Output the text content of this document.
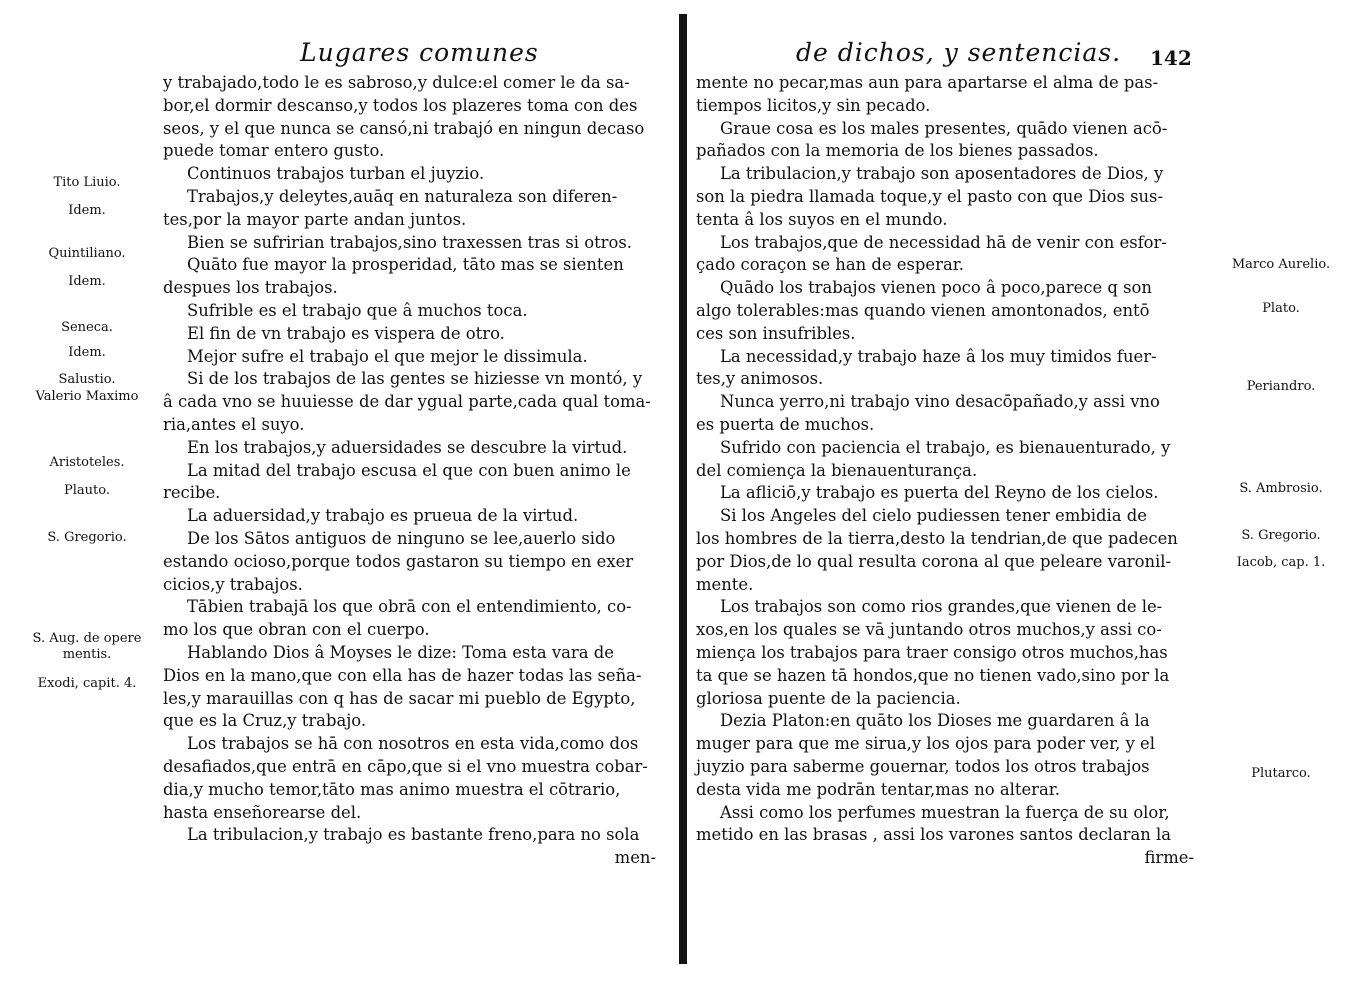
Lugares comunes
y trabajado,todo le es sabroso,y dulce:el comer le da sa-
bor,el dormir descanso,y todos los plazeres toma con des
seos, y el que nunca se cansó,ni trabajó en ningun decaso
puede tomar entero gusto.
Continuos trabajos turban el juyzio.
Trabajos,y deleytes,auāq en naturaleza son diferen-
tes,por la mayor parte andan juntos.
Bien se sufririan trabajos,sino traxessen tras si otros.
Quāto fue mayor la prosperidad, tāto mas se sienten
despues los trabajos.
Sufrible es el trabajo que â muchos toca.
El fin de vn trabajo es vispera de otro.
Mejor sufre el trabajo el que mejor le dissimula.
Si de los trabajos de las gentes se hiziesse vn montó, y
â cada vno se huuiesse de dar ygual parte,cada qual toma-
ria,antes el suyo.
En los trabajos,y aduersidades se descubre la virtud.
La mitad del trabajo escusa el que con buen animo le
recibe.
La aduersidad,y trabajo es prueua de la virtud.
De los Sātos antiguos de ninguno se lee,auerlo sido
estando ocioso,porque todos gastaron su tiempo en exer
cicios,y trabajos.
Tābien trabajā los que obrā con el entendimiento, co-
mo los que obran con el cuerpo.
Hablando Dios â Moyses le dize: Toma esta vara de
Dios en la mano,que con ella has de hazer todas las seña-
les,y marauillas con q has de sacar mi pueblo de Egypto,
que es la Cruz,y trabajo.
Los trabajos se hā con nosotros en esta vida,como dos
desafiados,que entrā en cāpo,que si el vno muestra cobar-
dia,y mucho temor,tāto mas animo muestra el cōtrario,
hasta enseñorearse del.
La tribulacion,y trabajo es bastante freno,para no sola
men-
Tito Liuio.
Idem.
Quintiliano.
Idem.
Seneca.
Idem.
Salustio.
Valerio Maximo
Aristoteles.
Plauto.
S. Gregorio.
S. Aug. de opere
mentis.
Exodi, capit. 4.
de dichos, y sentencias. 142
mente no pecar,mas aun para apartarse el alma de pas-
tiempos licitos,y sin pecado.
Graue cosa es los males presentes, quādo vienen acō-
pañados con la memoria de los bienes passados.
La tribulacion,y trabajo son aposentadores de Dios, y
son la piedra llamada toque,y el pasto con que Dios sus-
tenta â los suyos en el mundo.
Los trabajos,que de necessidad hā de venir con esfor-
çado coraçon se han de esperar.
Quādo los trabajos vienen poco â poco,parece q son
algo tolerables:mas quando vienen amontonados, entō
ces son insufribles.
La necessidad,y trabajo haze â los muy timidos fuer-
tes,y animosos.
Nunca yerro,ni trabajo vino desacōpañado,y assi vno
es puerta de muchos.
Sufrido con paciencia el trabajo, es bienauenturado, y
del comiença la bienauenturança.
La afliciō,y trabajo es puerta del Reyno de los cielos.
Si los Angeles del cielo pudiessen tener embidia de
los hombres de la tierra,desto la tendrian,de que padecen
por Dios,de lo qual resulta corona al que peleare varonil-
mente.
Los trabajos son como rios grandes,que vienen de le-
xos,en los quales se vā juntando otros muchos,y assi co-
miença los trabajos para traer consigo otros muchos,has
ta que se hazen tā hondos,que no tienen vado,sino por la
gloriosa puente de la paciencia.
Dezia Platon:en quāto los Dioses me guardaren â la
muger para que me sirua,y los ojos para poder ver, y el
juyzio para saberme gouernar, todos los otros trabajos
desta vida me podrān tentar,mas no alterar.
Assi como los perfumes muestran la fuerça de su olor,
metido en las brasas , assi los varones santos declaran la
firme-
Marco Aurelio.
Plato.
Periandro.
S. Ambrosio.
S. Gregorio.
Iacob, cap. 1.
Plutarco.
